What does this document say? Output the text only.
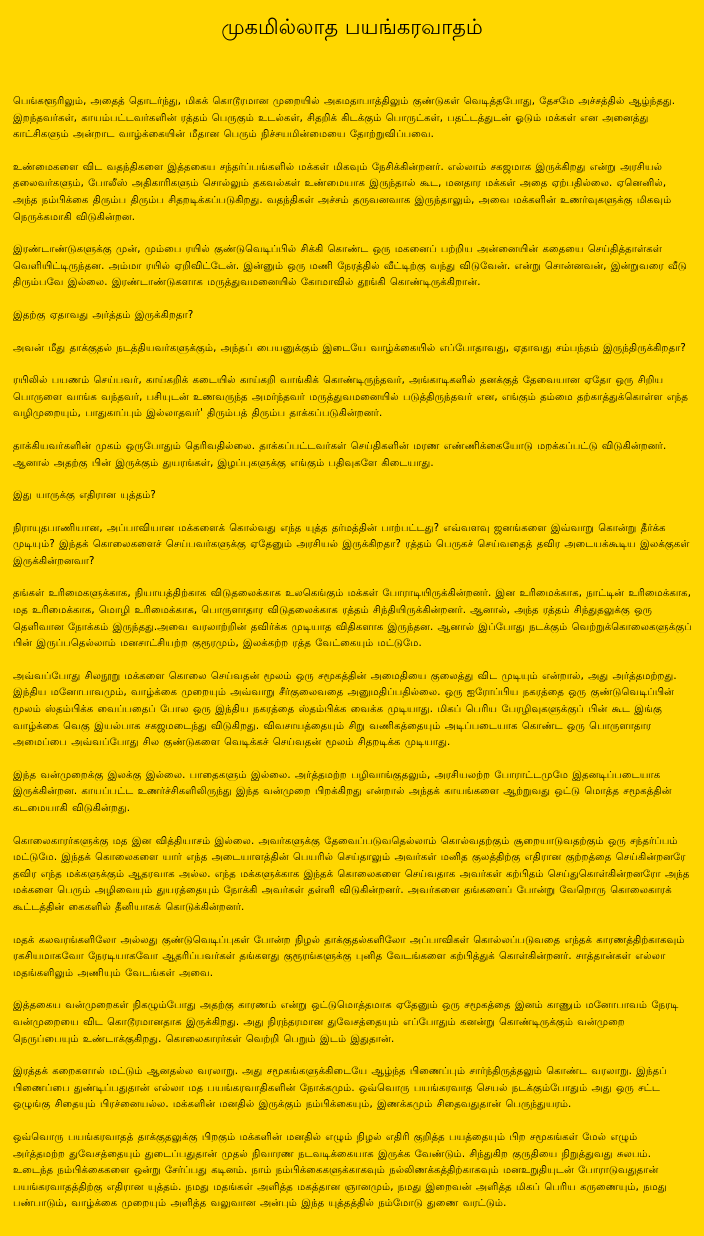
முகமில்லாத பயங்கரவாதம்

பெங்களூரிலும், அதைத் தொடர்ந்து, மிகக் கொடூரமான முறையில் அகமதாபாத்திலும் குண்டுகள் வெடித்தபோது, தேசமே அச்சத்தில் ஆழ்ந்தது. இறந்தவர்கள், காயம்பட்டவர்களின் ரத்தம் பெருகும் உடல்கள், சிதறிக் கிடக்கும் பொருட்கள், பதட்டத்துடன் ஓடும் மக்கள் என அனைத்து காட்சிகளும் அன்றாட வாழ்க்கையின் மீதான பெரும் நிச்சயமின்மையை தோற்றுவிப்பவை.

உண்மைகளை விட வதந்திகளை இத்தகைய சந்தர்ப்பங்களில் மக்கள் மிகவும் நேசிக்கின்றனர். எல்லாம் சகஜமாக இருக்கிறது என்று அரசியல் தலைவர்களும், போலீஸ் அதிகாரிகளும் சொல்லும் தகவல்கள் உண்மையாக இருந்தால் கூட, மனதார மக்கள் அதை ஏற்பதில்லை. ஏனெனில், அந்த நம்பிக்கை திரும்ப திரும்ப சிதறடிக்கப்படுகிறது. வதந்திகள் அச்சம் தருவனவாக இருந்தாலும், அவை மக்களின் உணர்வுகளுக்கு மிகவும் நெருக்கமாகி விடுகின்றன.

இரண்டாண்டுகளுக்கு முன், மும்பை ரயில் குண்டுவெடிப்பில் சிக்கி கொண்ட ஒரு மகனைப் பற்றிய அன்னையின் கதையை செய்தித்தாள்கள் வெளியிட்டிருந்தன. அம்மா ரயில் ஏறிவிட்டேன். இன்னும் ஒரு மணி நேரத்தில் வீட்டிற்கு வந்து விடுவேன். என்று சொன்னவன், இன்றுவரை வீடு திரும்பவே இல்லை. இரண்டாண்டுகளாக மருத்துவமனையில் கோமாவில் தூங்கி கொண்டிருக்கிறான்.

இதற்கு ஏதாவது அர்த்தம் இருக்கிறதா?

அவன் மீது தாக்குதல் நடத்தியவர்களுக்கும், அந்தப் பையனுக்கும் இடையே வாழ்க்கையில் எப்போதாவது, ஏதாவது சம்பந்தம் இருந்திருக்கிறதா?

ரயிலில் பயணம் செய்பவர், காய்கறிக் கடையில் காய்கறி வாங்கிக் கொண்டிருந்தவர், அங்காடிகளில் தனக்குத் தேவையான ஏதோ ஒரு சிறிய பொருளை வாங்க வந்தவர், பசியுடன் உணவருந்த அமர்ந்தவர் மருத்துவமனையில் படுத்திருந்தவர் என, எங்கும் தம்மை தற்காத்துக்கொள்ள எந்த வழிமுறையும், பாதுகாப்பும் இல்லாதவர்' திரும்பத் திரும்ப தாக்கப்படுகின்றனர்.

தாக்கியவர்களின் முகம் ஒருபோதும் தெரிவதில்லை. தாக்கப்பட்டவர்கள் செய்திகளின் மரண எண்ணிக்கையோடு மறக்கப்பட்டு விடுகின்றனர். ஆனால் அதற்கு பின் இருக்கும் துயரங்கள், இழப்புகளுக்கு எங்கும் பதிவுகளே கிடையாது.

இது யாருக்கு எதிரான யுத்தம்?

நிராயுதபாணியான, அப்பாவியான மக்களைக் கொல்வது எந்த யுத்த தர்மத்தின் பாற்பட்டது? எவ்வளவு ஜனங்களை இவ்வாறு கொன்று தீர்க்க முடியும்? இந்தக் கொலைகளைச் செய்பவர்களுக்கு ஏதேனும் அரசியல் இருக்கிறதா? ரத்தம் பெருகச் செய்வதைத் தவிர அடையக்கூடிய இலக்குகள் இருக்கின்றனவா?

தங்கள் உரிமைகளுக்காக, நியாயத்திற்காக விடுதலைக்காக உலகெங்கும் மக்கள் போராடியிருக்கின்றனர். இன உரிமைக்காக, நாட்டின் உரிமைக்காக, மத உரிமைக்காக, மொழி உரிமைக்காக, பொருளாதார விடுதலைக்காக ரத்தம் சிந்தியிருக்கின்றனர். ஆனால், அந்த ரத்தம் சிந்துதலுக்கு ஒரு தெளிவான நோக்கம் இருந்தது.அவை வரலாற்றின் தவிர்க்க முடியாத விதிகளாக இருந்தன. ஆனால் இப்போது நடக்கும் வெற்றுக்கொலைகளுக்குப் பின் இருப்பதெல்லாம் மனசாட்சியற்ற குரூரமும், இலக்கற்ற ரத்த வேட்கையும் மட்டுமே.

அவ்வப்போது சிலநூறு மக்களை கொலை செய்வதன் மூலம் ஒரு சமூகத்தின் அமைதியை குலைத்து விட முடியும் என்றால், அது அர்த்தமற்றது. இந்திய மனோபாவமும், வாழ்க்கை முறையும் அவ்வாறு சீர்குலைவதை அனுமதிப்பதில்லை. ஒரு ஐரோப்பிய நகரத்தை ஒரு குண்டுவெடிப்பின் மூலம் ஸ்தம்பிக்க வைப்பதைப் போல ஒரு இந்திய நகரத்தை ஸ்தம்பிக்க வைக்க முடியாது. மிகப் பெரிய பேரழிவுகளுக்குப் பின் கூட இங்கு வாழ்க்கை வெகு இயல்பாக சகஜமடைந்து விடுகிறது. விவசாயத்தையும் சிறு வணிகத்தையும் அடிப்படையாக கொண்ட ஒரு பொருளாதார அமைப்பை அவ்வப்போது சில குண்டுகளை வெடிக்கச் செய்வதன் மூலம் சிதறடிக்க முடியாது.

இந்த வன்முறைக்கு இலக்கு இல்லை. பாதைகளும் இல்லை. அர்த்தமற்ற பழிவாங்குதலும், அரசியலற்ற போராட்டமுமே இதனடிப்படையாக இருக்கின்றன. காயப்பட்ட உணர்ச்சிகளிலிருந்து இந்த வன்முறை பிறக்கிறது என்றால் அந்தக் காயங்களை ஆற்றுவது ஒட்டு மொத்த சமூகத்தின் கடமையாகி விடுகின்றது.

கொலைகாரர்களுக்கு மத இன வித்தியாசம் இல்லை. அவர்களுக்கு தேவைப்படுவதெல்லாம் கொல்வதற்கும் சூறையாடுவதற்கும் ஒரு சந்தர்ப்பம் மட்டுமே. இந்தக் கொலைகளை யார் எந்த அடையாளத்தின் பெயரில் செய்தாலும் அவர்கள் மனித குலத்திற்கு எதிரான குற்றத்தை செய்கின்றனரே தவிர எந்த மக்களுக்கும் ஆதரவாக அல்ல. எந்த மக்களுக்காக இந்தக் கொலைகளை செய்வதாக அவர்கள் கற்பிதம் செய்துகொள்கின்றனரோ அந்த மக்களை பெரும் அழிவையும் துயரத்தையும் நோக்கி அவர்கள் தள்ளி விடுகின்றனர். அவர்களை தங்களைப் போன்று வேறொரு கொலைகாரக் கூட்டத்தின் கைகளில் தீனியாகக் கொடுக்கின்றனர்.

மதக் கலவரங்களிலோ அல்லது குண்டுவெடிப்புகள் போன்ற நிழல் தாக்குதல்களிலோ அப்பாவிகள் கொல்லப்படுவதை எந்தக் காரணத்திற்காகவும் ரகசியமாகவோ நேரடியாகவோ ஆதரிப்பவர்கள் தங்களது குரூரங்களுக்கு புனித வேடங்களை கற்பித்துக் கொள்கின்றனர். சாத்தான்கள் எல்லா மதங்களிலும் அணியும் வேடங்கள் அவை.

இத்தகைய வன்முறைகள் நிகழும்போது அதற்கு காரணம் என்று ஒட்டுமொத்தமாக ஏதேனும் ஒரு சமூகத்தை இனம் காணும் மனோபாவம் நேரடி வன்முறையை விட கொடூரமானதாக இருக்கிறது. அது நிரந்தரமான துவேசத்தையும் எப்போதும் கனன்று கொண்டிருக்கும் வன்முறை நெருப்பையும் உண்டாக்குகிறது. கொலைகாரர்கள் வெற்றி பெறும் இடம் இதுதான்.

இரத்தக் கறைகளால் மட்டும் ஆனதல்ல வரலாறு. அது சமூகங்களுக்கிடையே ஆழ்ந்த பிணைப்பும் சார்ந்திருத்தலும் கொண்ட வரலாறு. இந்தப் பிணைப்பை துண்டிப்பதுதான் எல்லா மத பயங்கரவாதிகளின் நோக்கமும். ஒவ்வொரு பயங்கரவாத செயல் நடக்கும்போதும் அது ஒரு சட்ட ஒழுங்கு சிதையும் பிரச்னையல்ல. மக்களின் மனதில் இருக்கும் நம்பிக்கையும், இணக்கமும் சிதைவதுதான் பெருந்துயரம்.

ஒவ்வொரு பயங்கரவாதத் தாக்குதலுக்கு பிறகும் மக்களின் மனதில் எழும் நிழல் எதிரி குறித்த பயத்தையும் பிற சமூகங்கள் மேல் எழும் அர்த்தமற்ற துவேசத்தையும் துடைப்பதுதான் முதல் நிவாரண நடவடிக்கையாக இருக்க வேண்டும். சிந்துகிற குருதியை நிறுத்துவது சுலபம். உடைந்த நம்பிக்கைகளை ஒன்று சேர்ப்பது கடினம். நாம் நம்பிக்கைகளுக்காகவும் நல்லிணக்கத்திற்காகவும் மனஉறுதியுடன் போராடுவதுதான் பயங்கரவாதத்திற்கு எதிரான யுத்தம். நமது மதங்கள் அளித்த மகத்தான ஞானமும், நமது இறைவன் அளித்த மிகப் பெரிய கருணையும், நமது பண்பாடும், வாழ்க்கை முறையும் அளித்த வலுவான அன்பும் இந்த யுத்தத்தில் நம்மோடு துணை வரட்டும்.
